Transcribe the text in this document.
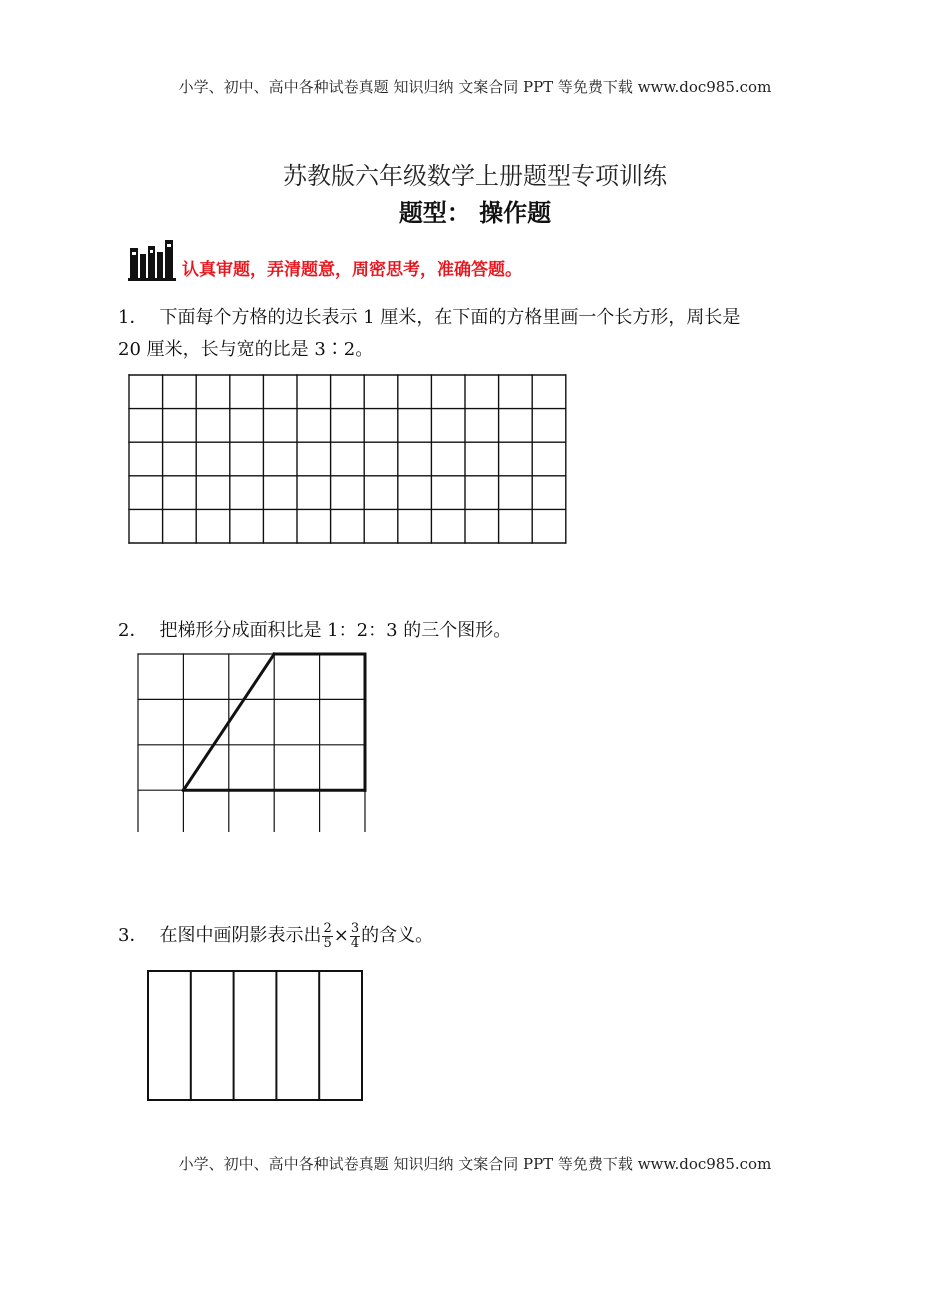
小学、初中、高中各种试卷真题 知识归纳 文案合同 PPT 等免费下载 www.doc985.com
苏教版六年级数学上册题型专项训练
题型： 操作题
认真审题，弄清题意，周密思考，准确答题。
1． 下面每个方格的边长表示 1 厘米，在下面的方格里画一个长方形，周长是
20 厘米，长与宽的比是 3∶2。
2． 把梯形分成面积比是 1：2：3 的三个图形。
3． 在图中画阴影表示出 $\frac{2}{5} \times \frac{3}{4}$ 的含义。
小学、初中、高中各种试卷真题 知识归纳 文案合同 PPT 等免费下载 www.doc985.com
